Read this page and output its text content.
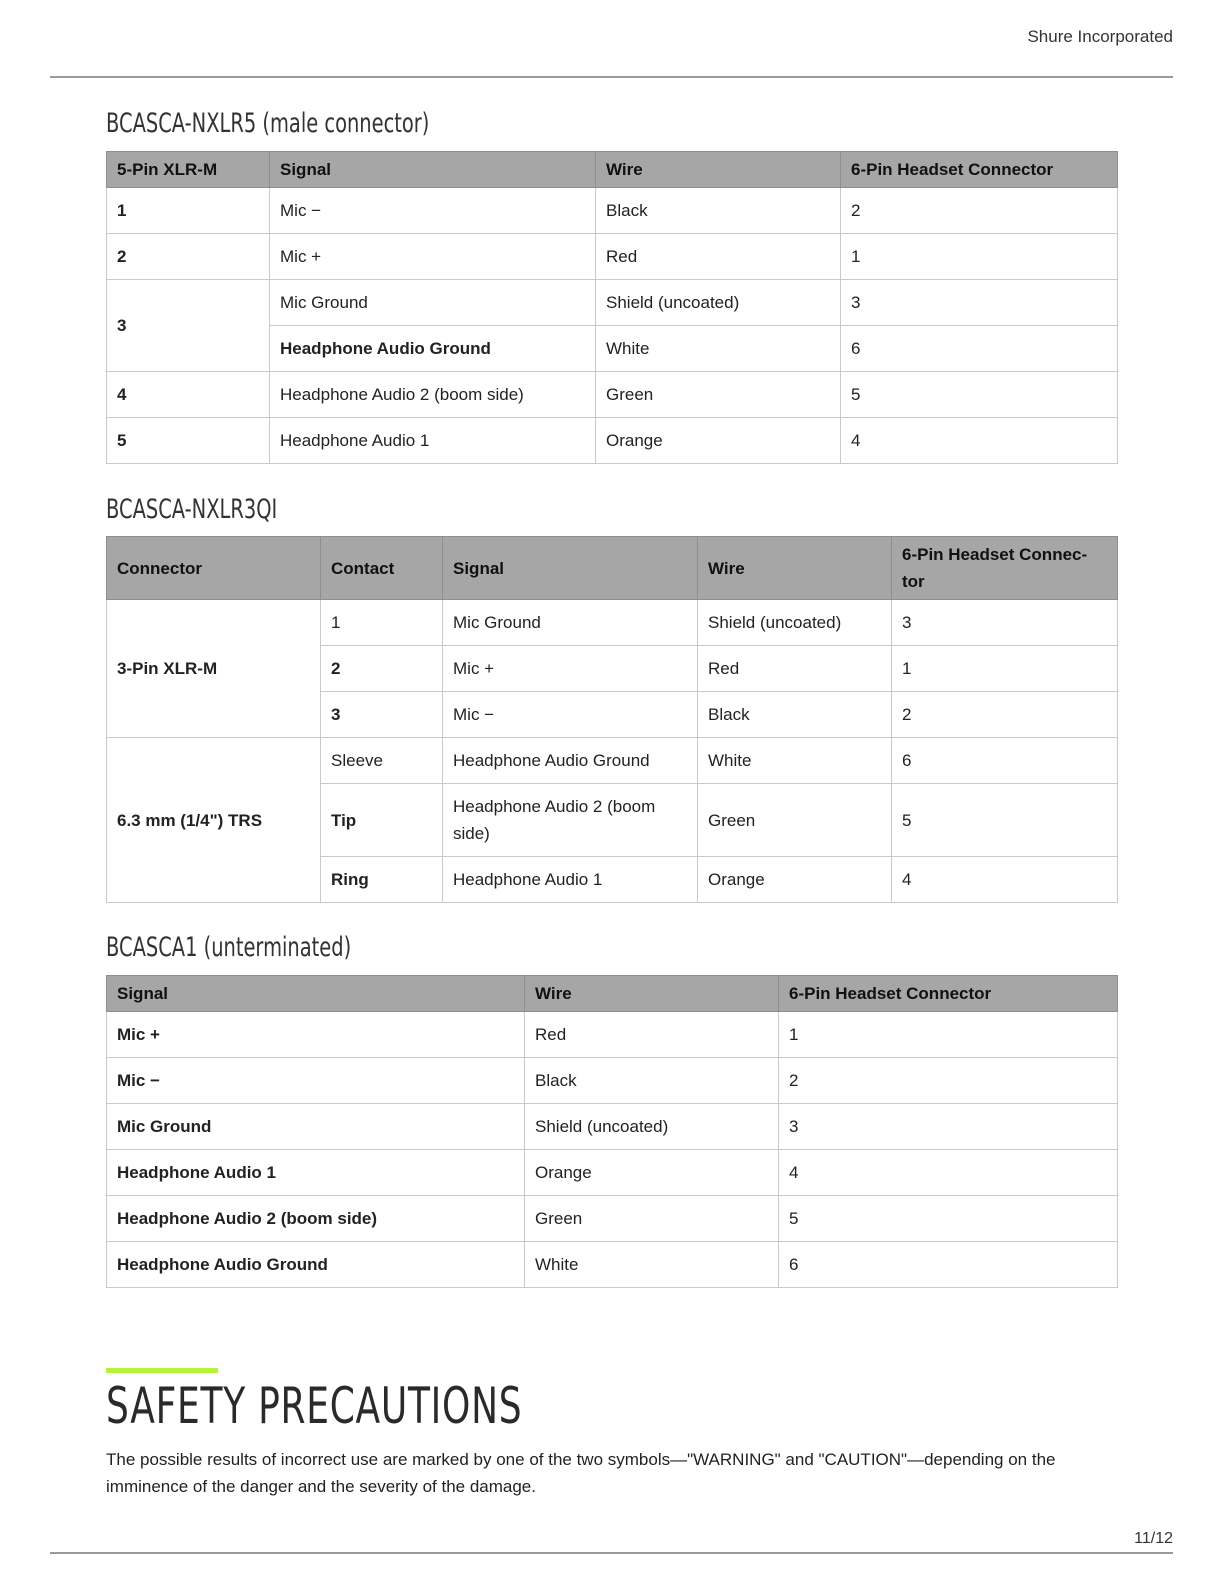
Shure Incorporated
BCASCA-NXLR5 (male connector)
5-Pin XLR-M	Signal	Wire	6-Pin Headset Connector
1	Mic −	Black	2
2	Mic +	Red	1
3	Mic Ground	Shield (uncoated)	3
	Headphone Audio Ground	White	6
4	Headphone Audio 2 (boom side)	Green	5
5	Headphone Audio 1	Orange	4
BCASCA-NXLR3QI
Connector	Contact	Signal	Wire	6-Pin Headset Connec-tor
3-Pin XLR-M	1	Mic Ground	Shield (uncoated)	3
	2	Mic +	Red	1
	3	Mic −	Black	2
6.3 mm (1/4") TRS	Sleeve	Headphone Audio Ground	White	6
	Tip	Headphone Audio 2 (boom side)	Green	5
	Ring	Headphone Audio 1	Orange	4
BCASCA1 (unterminated)
Signal	Wire	6-Pin Headset Connector
Mic +	Red	1
Mic −	Black	2
Mic Ground	Shield (uncoated)	3
Headphone Audio 1	Orange	4
Headphone Audio 2 (boom side)	Green	5
Headphone Audio Ground	White	6
SAFETY PRECAUTIONS

The possible results of incorrect use are marked by one of the two symbols—"WARNING" and "CAUTION"—depending on the imminence of the danger and the severity of the damage.

11/12
